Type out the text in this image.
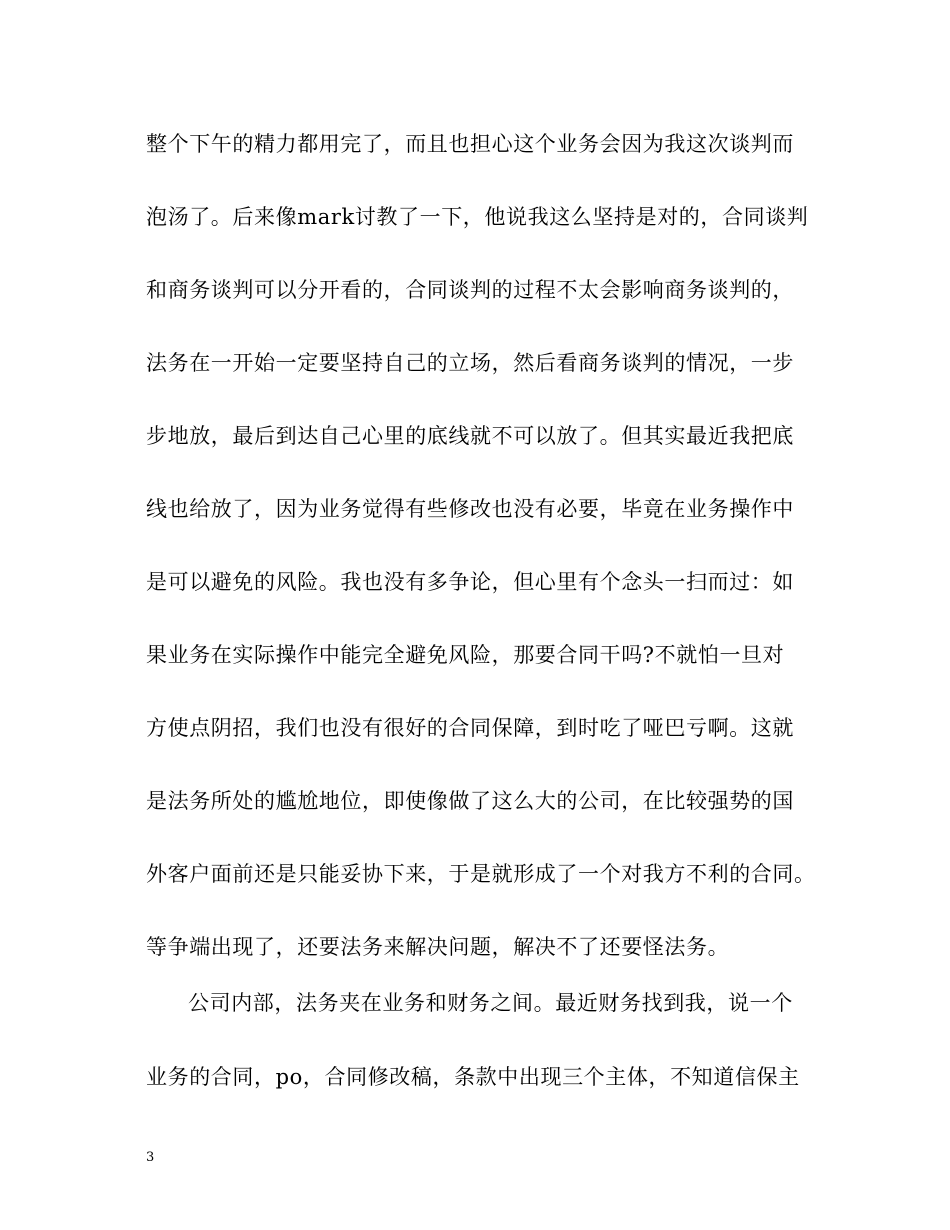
整个下午的精力都用完了，而且也担心这个业务会因为我这次谈判而
泡汤了。后来像mark讨教了一下，他说我这么坚持是对的，合同谈判
和商务谈判可以分开看的，合同谈判的过程不太会影响商务谈判的，
法务在一开始一定要坚持自己的立场，然后看商务谈判的情况，一步
步地放，最后到达自己心里的底线就不可以放了。但其实最近我把底
线也给放了，因为业务觉得有些修改也没有必要，毕竟在业务操作中
是可以避免的风险。我也没有多争论，但心里有个念头一扫而过：如
果业务在实际操作中能完全避免风险，那要合同干吗?不就怕一旦对
方使点阴招，我们也没有很好的合同保障，到时吃了哑巴亏啊。这就
是法务所处的尴尬地位，即使像做了这么大的公司，在比较强势的国
外客户面前还是只能妥协下来，于是就形成了一个对我方不利的合同。
等争端出现了，还要法务来解决问题，解决不了还要怪法务。
公司内部，法务夹在业务和财务之间。最近财务找到我，说一个
业务的合同，po，合同修改稿，条款中出现三个主体，不知道信保主
3
